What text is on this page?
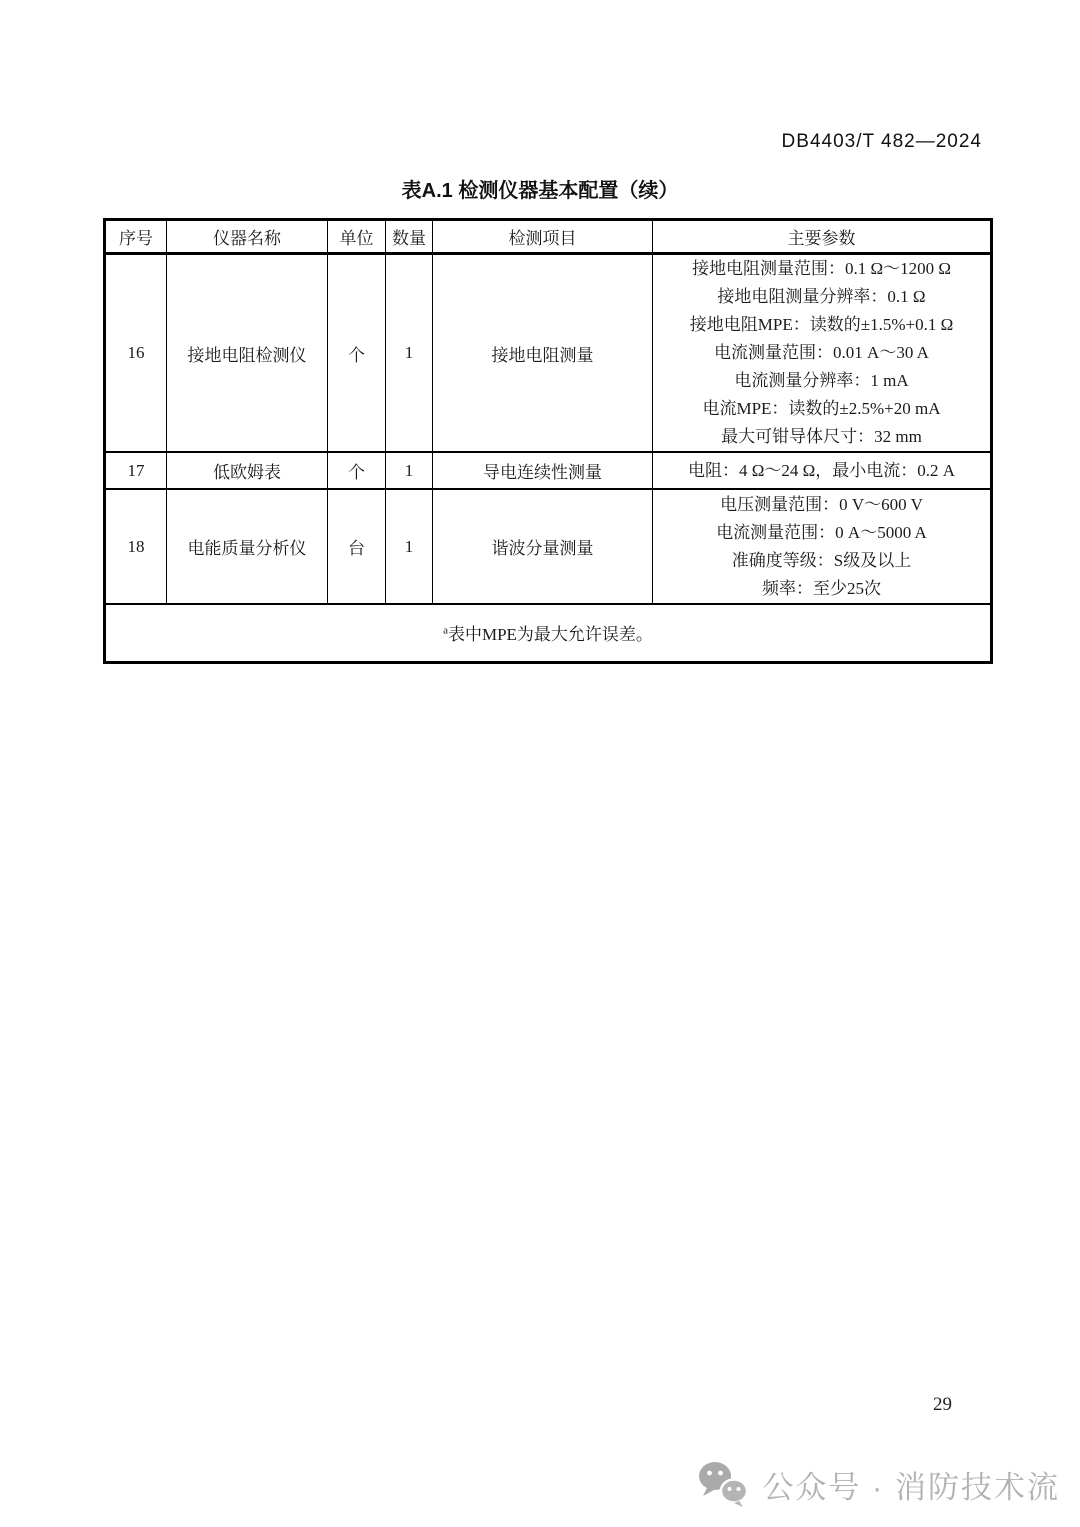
DB4403/T 482—2024
表A.1 检测仪器基本配置（续）
序号	仪器名称	单位	数量	检测项目	主要参数
16	接地电阻检测仪	个	1	接地电阻测量	
接地电阻测量范围：0.1 Ω～1200 Ω
接地电阻测量分辨率：0.1 Ω
接地电阻MPE：读数的±1.5%+0.1 Ω
电流测量范围：0.01 A～30 A
电流测量分辨率：1 mA
电流MPE：读数的±2.5%+20 mA
最大可钳导体尺寸：32 mm

17	低欧姆表	个	1	导电连续性测量	电阻：4 Ω～24 Ω，最小电流：0.2 A

18	电能质量分析仪	台	1	谐波分量测量	电压测量范围：0 V～600 V
电流测量范围：0 A～5000 A
准确度等级：S级及以上
频率：至少25次

$^a$表中MPE为最大允许误差。					
29
公众号 · 消防技术流
